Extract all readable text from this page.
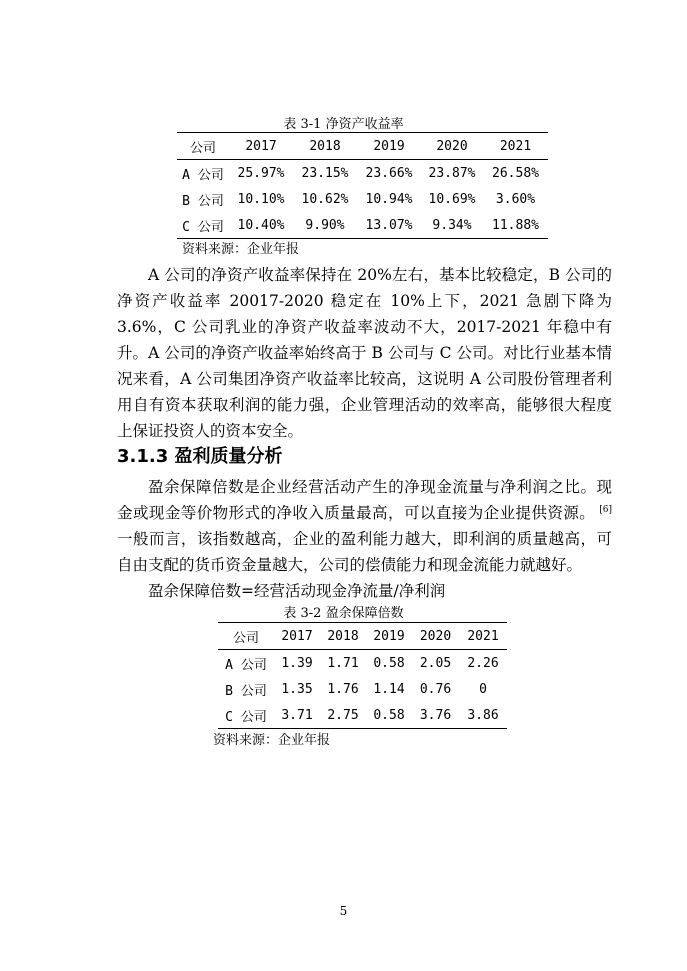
表 3-1 净资产收益率
公司	2017	2018	2019	2020	2021
A 公司	25.97%	23.15%	23.66%	23.87%	26.58%
B 公司	10.10%	10.62%	10.94%	10.69%	3.60%
C 公司	10.40%	9.90%	13.07%	9.34%	11.88%
资料来源：企业年报

A 公司的净资产收益率保持在 20%左右，基本比较稳定，B 公司的净资产收益率 20017-2020 稳定在 10%上下，2021 急剧下降为 3.6%，C 公司乳业的净资产收益率波动不大，2017-2021 年稳中有升。A 公司的净资产收益率始终高于 B 公司与 C 公司。对比行业基本情况来看，A 公司集团净资产收益率比较高，这说明 A 公司股份管理者利用自有资本获取利润的能力强，企业管理活动的效率高，能够很大程度上保证投资人的资本安全。

3.1.3 盈利质量分析

盈余保障倍数是企业经营活动产生的净现金流量与净利润之比。现金或现金等价物形式的净收入质量最高，可以直接为企业提供资源。 [6]一般而言，该指数越高，企业的盈利能力越大，即利润的质量越高，可自由支配的货币资金量越大，公司的偿债能力和现金流能力就越好。

盈余保障倍数=经营活动现金净流量/净利润
表 3-2 盈余保障倍数
公司	2017	2018	2019	2020	2021
A 公司	1.39	1.71	0.58	2.05	2.26
B 公司	1.35	1.76	1.14	0.76	0
C 公司	3.71	2.75	0.58	3.76	3.86
资料来源：企业年报
5
